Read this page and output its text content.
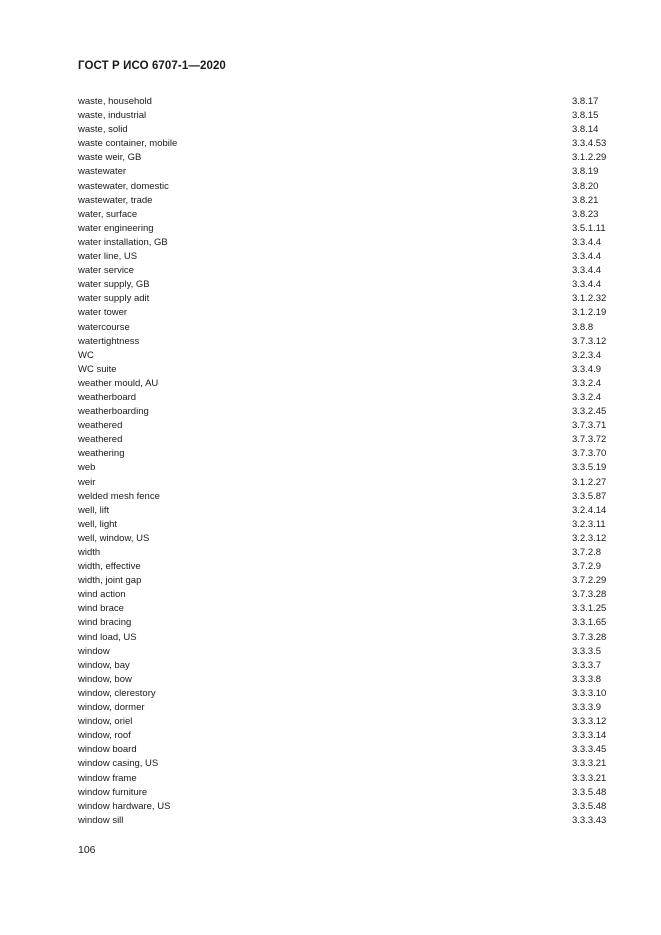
ГОСТ Р ИСО 6707-1—2020
waste, household	3.8.17
waste, industrial	3.8.15
waste, solid	3.8.14
waste container, mobile	3.3.4.53
waste weir, GB	3.1.2.29
wastewater	3.8.19
wastewater, domestic	3.8.20
wastewater, trade	3.8.21
water, surface	3.8.23
water engineering	3.5.1.11
water installation, GB	3.3.4.4
water line, US	3.3.4.4
water service	3.3.4.4
water supply, GB	3.3.4.4
water supply adit	3.1.2.32
water tower	3.1.2.19
watercourse	3.8.8
watertightness	3.7.3.12
WC	3.2.3.4
WC suite	3.3.4.9
weather mould, AU	3.3.2.4
weatherboard	3.3.2.4
weatherboarding	3.3.2.45
weathered	3.7.3.71
weathered	3.7.3.72
weathering	3.7.3.70
web	3.3.5.19
weir	3.1.2.27
welded mesh fence	3.3.5.87
well, lift	3.2.4.14
well, light	3.2.3.11
well, window, US	3.2.3.12
width	3.7.2.8
width, effective	3.7.2.9
width, joint gap	3.7.2.29
wind action	3.7.3.28
wind brace	3.3.1.25
wind bracing	3.3.1.65
wind load, US	3.7.3.28
window	3.3.3.5
window, bay	3.3.3.7
window, bow	3.3.3.8
window, clerestory	3.3.3.10
window, dormer	3.3.3.9
window, oriel	3.3.3.12
window, roof	3.3.3.14
window board	3.3.3.45
window casing, US	3.3.3.21
window frame	3.3.3.21
window furniture	3.3.5.48
window hardware, US	3.3.5.48
window sill	3.3.3.43
106
